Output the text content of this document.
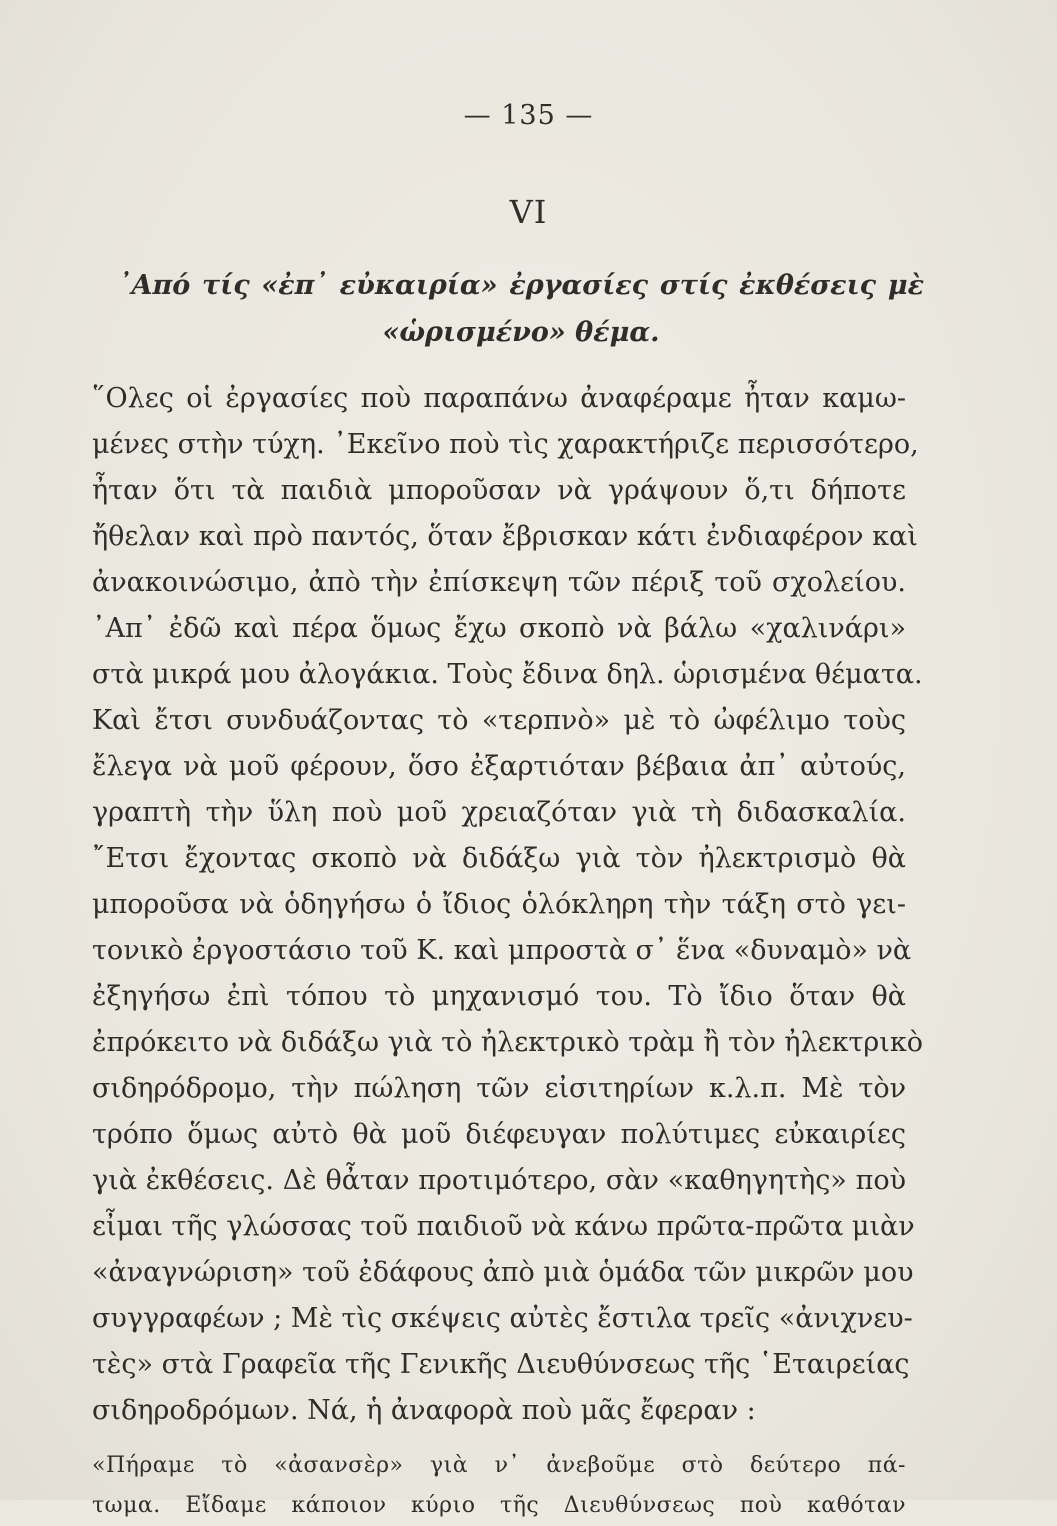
— 135 —
VI
᾽Από τίς «ἐπ᾽ εὐκαιρία» ἐργασίες στίς ἐκθέσεις μὲ
«ὡρισμένο» θέμα.
῞Ολες οἱ ἐργασίες ποὺ παραπάνω ἀναφέραμε ἦταν καμω-
μένες στὴν τύχη. ᾽Εκεῖνο ποὺ τὶς χαρακτήριζε περισσότερο,
ἦταν ὅτι τὰ παιδιὰ μποροῦσαν νὰ γράψουν ὅ,τι δήποτε
ἤθελαν καὶ πρὸ παντός, ὅταν ἔβρισκαν κάτι ἐνδιαφέρον καὶ
ἀνακοινώσιμο, ἀπὸ τὴν ἐπίσκεψη τῶν πέριξ τοῦ σχολείου.
᾽Απ᾽ ἐδῶ καὶ πέρα ὅμως ἔχω σκοπὸ νὰ βάλω «χαλινάρι»
στὰ μικρά μου ἀλογάκια. Τοὺς ἔδινα δηλ. ὡρισμένα θέματα.
Καὶ ἔτσι συνδυάζοντας τὸ «τερπνὸ» μὲ τὸ ὠφέλιμο τοὺς
ἔλεγα νὰ μοῦ φέρουν, ὅσο ἐξαρτιόταν βέβαια ἀπ᾽ αὐτούς,
γραπτὴ τὴν ὕλη ποὺ μοῦ χρειαζόταν γιὰ τὴ διδασκαλία.
῎Ετσι ἔχοντας σκοπὸ νὰ διδάξω γιὰ τὸν ἠλεκτρισμὸ θὰ
μποροῦσα νὰ ὁδηγήσω ὁ ἴδιος ὁλόκληρη τὴν τάξη στὸ γει-
τονικὸ ἐργοστάσιο τοῦ Κ. καὶ μπροστὰ σ᾽ ἕνα «δυναμὸ» νὰ
ἐξηγήσω ἐπὶ τόπου τὸ μηχανισμό του. Τὸ ἴδιο ὅταν θὰ
ἐπρόκειτο νὰ διδάξω γιὰ τὸ ἠλεκτρικὸ τρὰμ ἢ τὸν ἠλεκτρικὸ
σιδηρόδρομο, τὴν πώληση τῶν εἰσιτηρίων κ.λ.π. Μὲ τὸν
τρόπο ὅμως αὐτὸ θὰ μοῦ διέφευγαν πολύτιμες εὐκαιρίες
γιὰ ἐκθέσεις. Δὲ θἆταν προτιμότερο, σὰν «καθηγητὴς» ποὺ
εἶμαι τῆς γλώσσας τοῦ παιδιοῦ νὰ κάνω πρῶτα-πρῶτα μιὰν
«ἀναγνώριση» τοῦ ἐδάφους ἀπὸ μιὰ ὁμάδα τῶν μικρῶν μου
συγγραφέων ; Μὲ τὶς σκέψεις αὐτὲς ἔστιλα τρεῖς «ἀνιχνευ-
τὲς» στὰ Γραφεῖα τῆς Γενικῆς Διευθύνσεως τῆς ῾Εταιρείας
σιδηροδρόμων. Νά, ἡ ἀναφορὰ ποὺ μᾶς ἔφεραν :
«Πήραμε τὸ «ἀσανσὲρ» γιὰ ν᾽ ἀνεβοῦμε στὸ δεύτερο πά-
τωμα. Εἴδαμε κάποιον κύριο τῆς Διευθύνσεως ποὺ καθόταν
